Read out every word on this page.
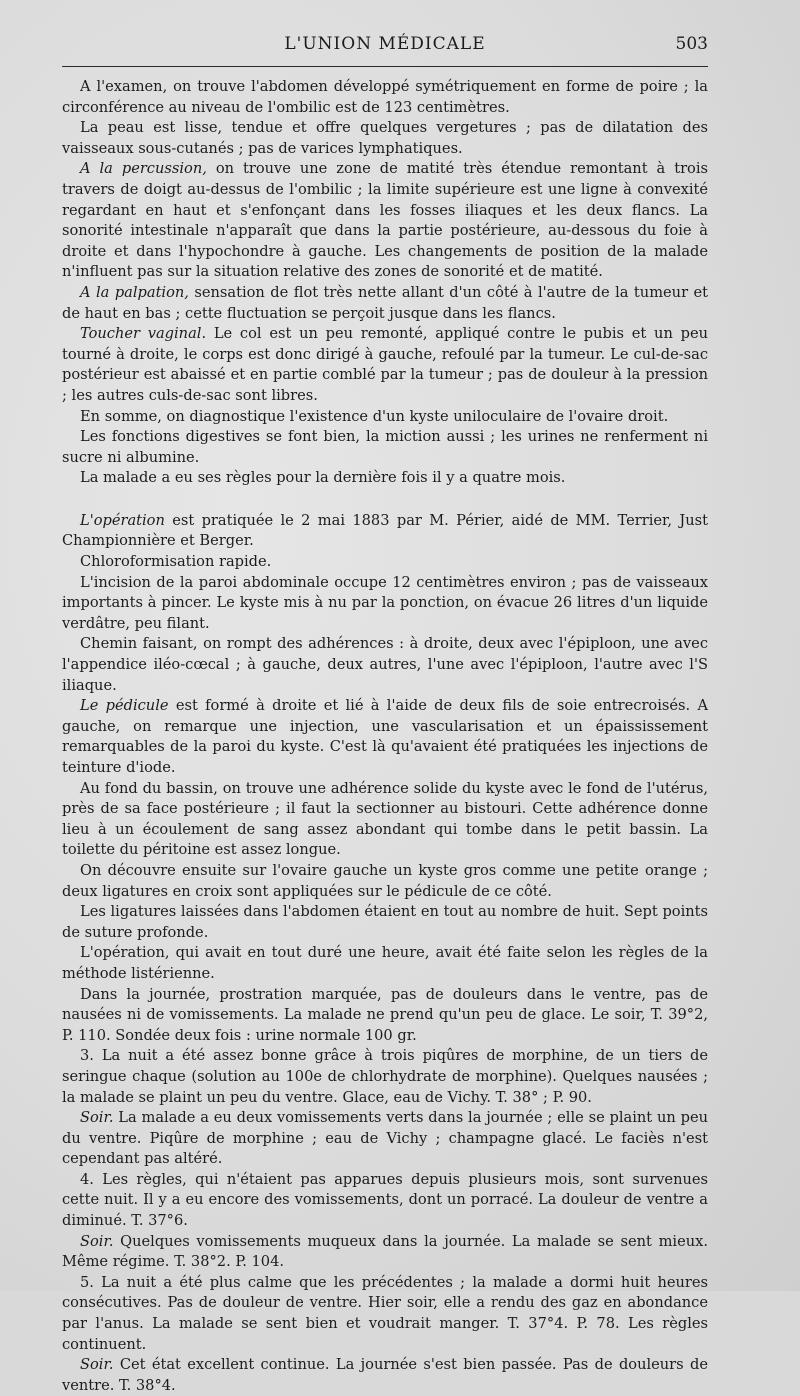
L'UNION MÉDICALE	503

A l'examen, on trouve l'abdomen développé symétriquement en forme de poire ; la circonférence au niveau de l'ombilic est de 123 centimètres.

La peau est lisse, tendue et offre quelques vergetures ; pas de dilatation des vaisseaux sous-cutanés ; pas de varices lymphatiques.

A la percussion, on trouve une zone de matité très étendue remontant à trois travers de doigt au-dessus de l'ombilic ; la limite supérieure est une ligne à convexité regardant en haut et s'enfonçant dans les fosses iliaques et les deux flancs. La sonorité intestinale n'apparaît que dans la partie postérieure, au-dessous du foie à droite et dans l'hypochondre à gauche. Les changements de position de la malade n'influent pas sur la situation relative des zones de sonorité et de matité.

A la palpation, sensation de flot très nette allant d'un côté à l'autre de la tumeur et de haut en bas ; cette fluctuation se perçoit jusque dans les flancs.

Toucher vaginal. Le col est un peu remonté, appliqué contre le pubis et un peu tourné à droite, le corps est donc dirigé à gauche, refoulé par la tumeur. Le cul-de-sac postérieur est abaissé et en partie comblé par la tumeur ; pas de douleur à la pression ; les autres culs-de-sac sont libres.

En somme, on diagnostique l'existence d'un kyste uniloculaire de l'ovaire droit.

Les fonctions digestives se font bien, la miction aussi ; les urines ne renferment ni sucre ni albumine.

La malade a eu ses règles pour la dernière fois il y a quatre mois.

L'opération est pratiquée le 2 mai 1883 par M. Périer, aidé de MM. Terrier, Just Championnière et Berger.

Chloroformisation rapide.

L'incision de la paroi abdominale occupe 12 centimètres environ ; pas de vaisseaux importants à pincer. Le kyste mis à nu par la ponction, on évacue 26 litres d'un liquide verdâtre, peu filant.

Chemin faisant, on rompt des adhérences : à droite, deux avec l'épiploon, une avec l'appendice iléo-cœcal ; à gauche, deux autres, l'une avec l'épiploon, l'autre avec l'S iliaque.

Le pédicule est formé à droite et lié à l'aide de deux fils de soie entrecroisés. A gauche, on remarque une injection, une vascularisation et un épaississement remarquables de la paroi du kyste. C'est là qu'avaient été pratiquées les injections de teinture d'iode.

Au fond du bassin, on trouve une adhérence solide du kyste avec le fond de l'utérus, près de sa face postérieure ; il faut la sectionner au bistouri. Cette adhérence donne lieu à un écoulement de sang assez abondant qui tombe dans le petit bassin. La toilette du péritoine est assez longue.

On découvre ensuite sur l'ovaire gauche un kyste gros comme une petite orange ; deux ligatures en croix sont appliquées sur le pédicule de ce côté.

Les ligatures laissées dans l'abdomen étaient en tout au nombre de huit. Sept points de suture profonde.

L'opération, qui avait en tout duré une heure, avait été faite selon les règles de la méthode listérienne.

Dans la journée, prostration marquée, pas de douleurs dans le ventre, pas de nausées ni de vomissements. La malade ne prend qu'un peu de glace. Le soir, T. 39°2, P. 110. Sondée deux fois : urine normale 100 gr.

3. La nuit a été assez bonne grâce à trois piqûres de morphine, de un tiers de seringue chaque (solution au 100e de chlorhydrate de morphine). Quelques nausées ; la malade se plaint un peu du ventre. Glace, eau de Vichy. T. 38° ; P. 90.

Soir. La malade a eu deux vomissements verts dans la journée ; elle se plaint un peu du ventre. Piqûre de morphine ; eau de Vichy ; champagne glacé. Le faciès n'est cependant pas altéré.

4. Les règles, qui n'étaient pas apparues depuis plusieurs mois, sont survenues cette nuit. Il y a eu encore des vomissements, dont un porracé. La douleur de ventre a diminué. T. 37°6.

Soir. Quelques vomissements muqueux dans la journée. La malade se sent mieux. Même régime. T. 38°2. P. 104.

5. La nuit a été plus calme que les précédentes ; la malade a dormi huit heures consécutives. Pas de douleur de ventre. Hier soir, elle a rendu des gaz en abondance par l'anus. La malade se sent bien et voudrait manger. T. 37°4. P. 78. Les règles continuent.

Soir. Cet état excellent continue. La journée s'est bien passée. Pas de douleurs de ventre. T. 38°4.
